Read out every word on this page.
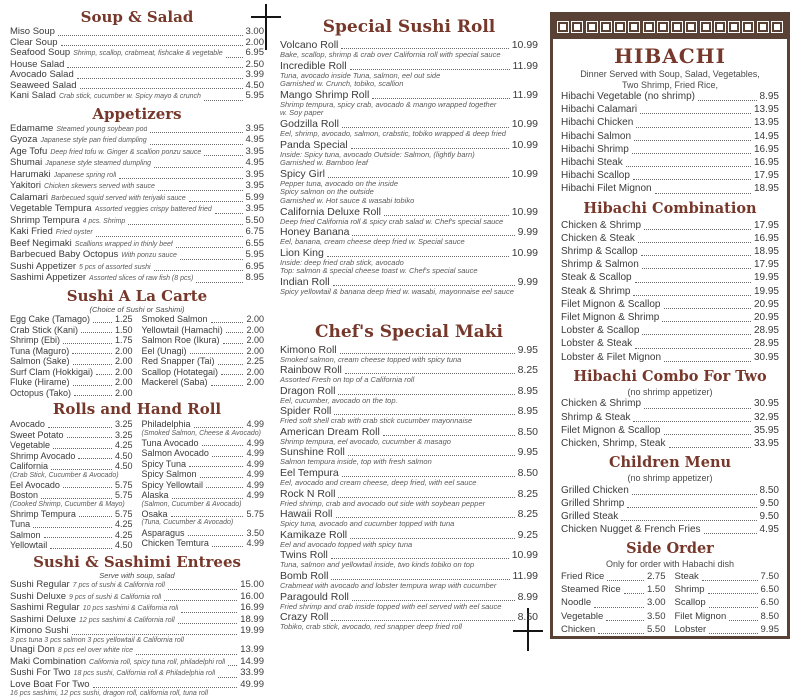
Soup & Salad
Miso Soup	3.00
Clear Soup	2.00
Seafood Soup Shrimp, scallop, crabmeat, fishcake & vegetable 6.95
House Salad	2.50
Avocado Salad	3.99
Seaweed Salad	4.50
Kani Salad Crab stick, cucumber w. Spicy mayo & crunch	5.95
Appetizers
Edamame Steamed young soybean pod	3.95
Gyoza Japanese style pan fried dumpling	4.95
Age Tofu Deep fried tofu w. Ginger & scallion ponzu sauce	3.95
Shumai Japanese style steamed dumpling	4.95
Harumaki Japanese spring roll	3.95
Yakitori Chicken skewers served with sauce	3.95
Calamari Barbecued squid served with teriyaki sauce	5.99
Vegetable Tempura Assorted veggies crispy battered fried	3.95
Shrimp Tempura 4 pcs. Shrimp	5.50
Kaki Fried Fried oyster	6.75
Beef Negimaki Scallions wrapped in thinly beef	6.55
Barbecued Baby Octopus With ponzu sauce	5.95
Sushi Appetizer 5 pcs of assorted sushi	6.95
Sashimi Appetizer Assorted slices of raw fish (8 pcs)	8.95
Sushi A La Carte
(Choice of Sushi or Sashimi)
Egg Cake (Tamago)	1.25
Crab Stick (Kani)	1.50
Shrimp (Ebi)	1.75
Tuna (Maguro)	2.00
Salmon (Sake)	2.00
Surf Clam (Hokkigai) 2.00
Fluke (Hirame)	2.00
Octopus (Tako)	2.00
Smoked Salmon	2.00
Yellowtail (Hamachi)	2.00
Salmon Roe (Ikura)	2.00
Eel (Unagi)	2.00
Red Snapper (Tai)	2.25
Scallop (Hotategai)	2.00
Mackerel (Saba)	2.00
Rolls and Hand Roll
Avocado	3.25
Sweet Potato	3.25
Vegetable	4.25
Shrimp Avocado	4.50
California	4.50
(Crab Stick, Cucumber & Avocado)
Eel Avocado	5.75
Boston	5.75
(Cooked Shrimp, Cucumber & Mayo)
Shrimp Tempura	5.75
Tuna	4.25
Salmon	4.25
Yellowtail	4.50
Philadelphia	4.99
(Smoked Salmon, Cheese & Avocado)
Tuna Avocado	4.99
Salmon Avocado	4.99
Spicy Tuna	4.99
Spicy Salmon	4.99
Spicy Yellowtail	4.99
Alaska	4.99
(Salmon, Cucumber & Avocado)
Osaka	5.75
(Tuna, Cucumber & Avocado)
Asparagus	3.50
Chicken Temtura	4.99
Sushi & Sashimi Entrees
Serve with soup, salad
Sushi Regular 7 pcs of sushi & California roll	15.00
Sushi Deluxe 9 pcs of sushi & California roll	16.00
Sashimi Regular 10 pcs sashimi & California roll	16.99
Sashimi Deluxe 12 pcs sashimi & California roll	18.99
Kimono Sushi	19.99
3 pcs tuna 3 pcs salmon 3 pcs yellowtail & California roll
Unagi Don 8 pcs eel over white rice	13.99
Maki Combination California roll, spicy tuna roll, philadelphi roll 14.99
Sushi For Two 18 pcs sushi, California roll & Philadelphia roll	33.99
Love Boat For Two	49.99
16 pcs sashimi, 12 pcs sushi, dragon roll, california roll, tuna roll
Special Sushi Roll
Volcano Roll	10.99
Bake, scallop, shrimp & crab over California roll with special sauce
Incredible Roll	11.99
Tuna, avocado inside Tuna, salmon, eel out side
Garnished w. Crunch, tobiko, scallion
Mango Shrimp Roll	11.99
Shrimp tempura, spicy crab, avocado & mango wrapped together
w. Soy paper
Godzilla Roll	10.99
Eel, shrimp, avocado, salmon, crabstic, tobiko wrapped & deep fried
Panda Special	10.99
Inside: Spicy tuna, avocado Outside: Salmon, (lightly barn)
Garnished w. Bamboo leaf
Spicy Girl	10.99
Pepper tuna, avocado on the inside
Spicy salmon on the outside
Garnished w. Hot sauce & wasabi tobiko
California Deluxe Roll	10.99
Deep fried California roll & spicy crab salad w. Chef's special sauce
Honey Banana	9.99
Eel, banana, cream cheese deep fried w. Special sauce
Lion King	10.99
Inside: deep fried crab stick, avocado
Top: salmon & special cheese toast w. Chef's special sauce
Indian Roll	9.99
Spicy yellowtail & banana deep fried w. wasabi, mayonnaise eel sauce
Chef's Special Maki
Kimono Roll	9.95
Smoked salmon, cream cheese topped with spicy tuna
Rainbow Roll	8.25
Assorted Fresh on top of a California roll
Dragon Roll	8.95
Eel, cucumber, avocado on the top.
Spider Roll	8.95
Fried soft shell crab with crab stick cucumber mayonnaise
American Dream Roll	8.50
Shrimp tempura, eel avocado, cucumber & masago
Sunshine Roll	9.95
Salmon tempura inside, top with fresh salmon
Eel Tempura	8.50
Eel, avocado and cream cheese, deep fried, with eel sauce
Rock N Roll	8.25
Fried shrimp, crab and avocado out side with soybean pepper
Hawaii Roll	8.25
Spicy tuna, avocado and cucumber topped with tuna
Kamikaze Roll	9.25
Eel and avocado topped with spicy tuna
Twins Roll	10.99
Tuna, salmon and yellowtail inside, two kinds tobiko on top
Bomb Roll	11.99
Crabmeat with avocado and lobster tempura wrap with cucumber
Paragould Roll	8.99
Fried shrimp and crab inside topped with eel served with eel sauce
Crazy Roll	8.50
Tobiko, crab stick, avocado, red snapper deep fried roll
HIBACHI
Dinner Served with Soup, Salad, Vegetables,
Two Shrimp, Fried Rice,
Hibachi Vegetable (no shrimp)	8.95
Hibachi Calamari	13.95
Hibachi Chicken	13.95
Hibachi Salmon	14.95
Hibachi Shrimp	16.95
Hibachi Steak	16.95
Hibachi Scallop	17.95
Hibachi Filet Mignon	18.95
Hibachi Combination
Chicken & Shrimp	17.95
Chicken & Steak	16.95
Shrimp & Scallop	18.95
Shrimp & Salmon	17.95
Steak & Scallop	19.95
Steak & Shrimp	19.95
Filet Mignon & Scallop	20.95
Filet Mignon & Shrimp	20.95
Lobster & Scallop	28.95
Lobster & Steak	28.95
Lobster & Filet Mignon	30.95
Hibachi Combo For Two
(no shrimp appetizer)
Chicken & Shrimp	30.95
Shrimp & Steak	32.95
Filet Mignon & Scallop	35.95
Chicken, Shrimp, Steak	33.95
Children Menu
(no shrimp appetizer)
Grilled Chicken	8.50
Grilled Shrimp	9.50
Grilled Steak	9.50
Chicken Nugget & French Fries	4.95
Side Order
Only for order with Habachi dish
Fried Rice	2.75
Steamed Rice	1.50
Noodle	3.00
Vegetable	3.50
Chicken	5.50
Steak	7.50
Shrimp	6.50
Scallop	6.50
Filet Mignon	8.50
Lobster	9.95
